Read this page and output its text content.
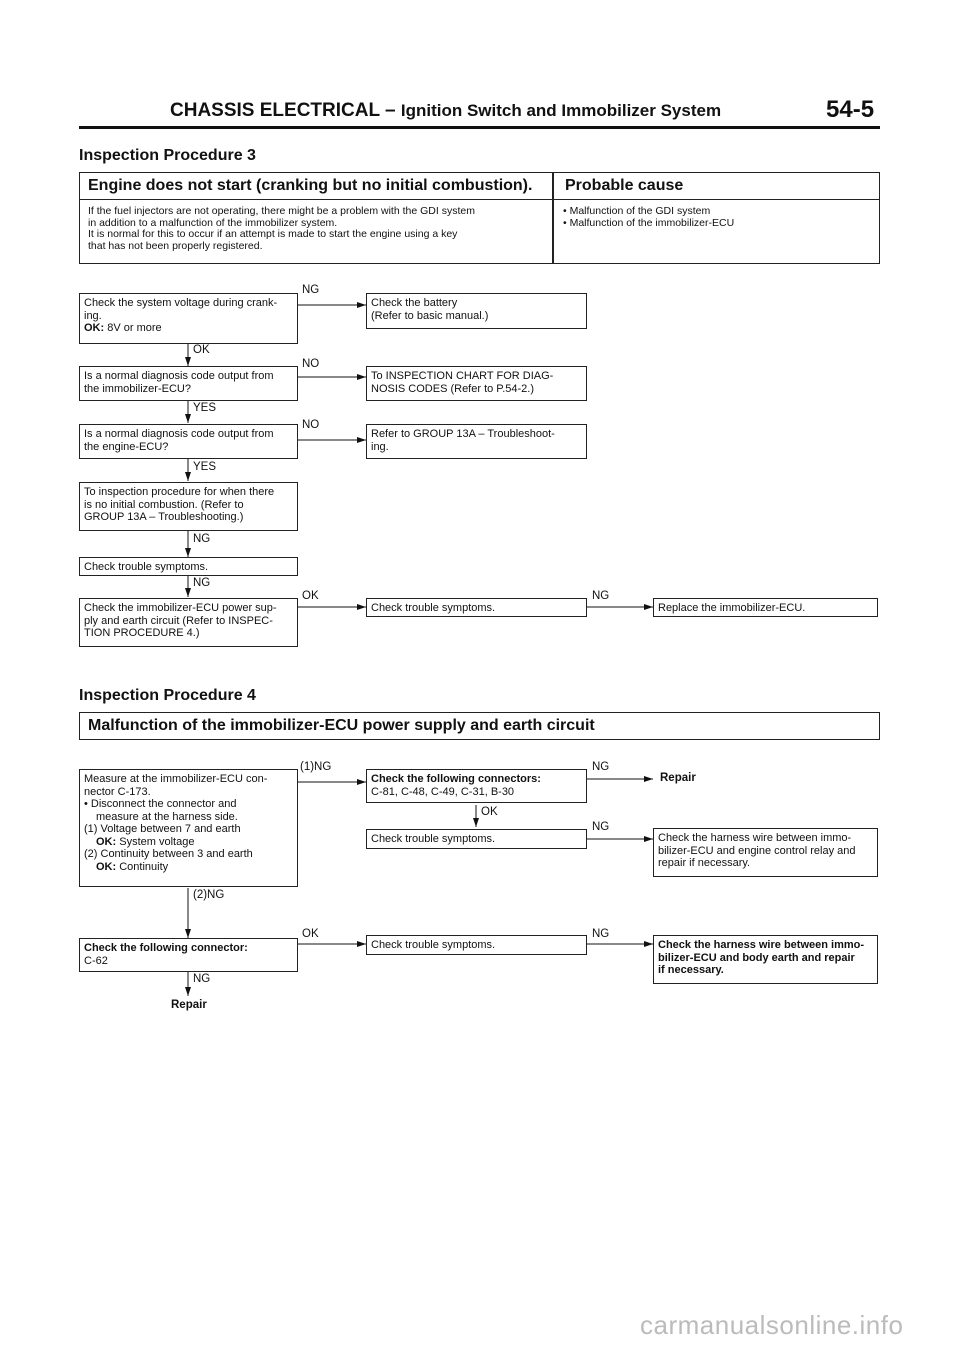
CHASSIS ELECTRICAL – Ignition Switch and Immobilizer System	54-5
Inspection Procedure 3
Engine does not start (cranking but no initial combustion). Probable cause
If the fuel injectors are not operating, there might be a problem with the GDI system
in addition to a malfunction of the immobilizer system.
It is normal for this to occur if an attempt is made to start the engine using a key
that has not been properly registered.
• Malfunction of the GDI system
• Malfunction of the immobilizer-ECU
Check the system voltage during crank-
ing.
OK: 8V or more
NG
Check the battery
(Refer to basic manual.)
OK
Is a normal diagnosis code output from
the immobilizer-ECU?
NO
To INSPECTION CHART FOR DIAG-
NOSIS CODES (Refer to P.54-2.)
YES
Is a normal diagnosis code output from
the engine-ECU?
NO
Refer to GROUP 13A – Troubleshoot-
ing.
YES
To inspection procedure for when there
is no initial combustion. (Refer to
GROUP 13A – Troubleshooting.)
NG
Check trouble symptoms.
NG
Check the immobilizer-ECU power sup-
ply and earth circuit (Refer to INSPEC-
TION PROCEDURE 4.)
OK
Check trouble symptoms.
NG
Replace the immobilizer-ECU.
Inspection Procedure 4
Malfunction of the immobilizer-ECU power supply and earth circuit
Measure at the immobilizer-ECU con-
nector C-173.
• Disconnect the connector and
measure at the harness side.
(1) Voltage between 7 and earth
OK: System voltage
(2) Continuity between 3 and earth
OK: Continuity
(1)NG
Check the following connectors:
C-81, C-48, C-49, C-31, B-30
NG
Repair
OK
Check trouble symptoms.
NG
Check the harness wire between immo-
bilizer-ECU and engine control relay and
repair if necessary.
(2)NG
Check the following connector:
C-62
OK
Check trouble symptoms.
NG
Check the harness wire between immo-
bilizer-ECU and body earth and repair
if necessary.
NG
Repair
carmanualsonline.info
